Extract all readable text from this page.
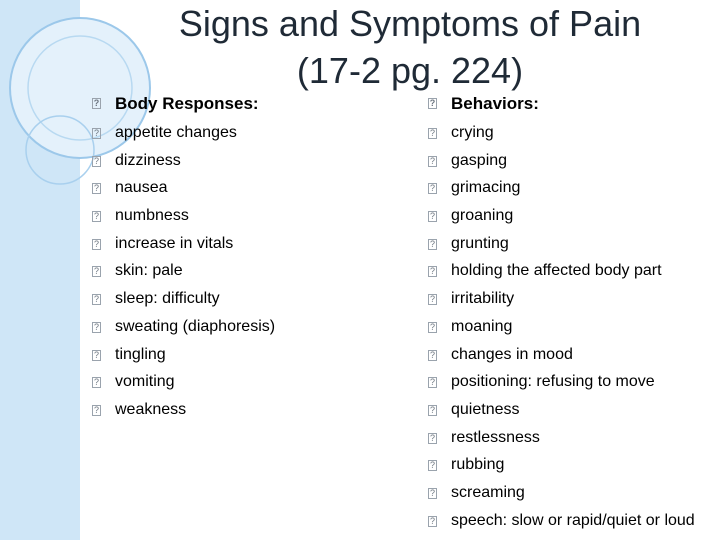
Signs and Symptoms of Pain
(17-2 pg. 224)
? Body Responses:
? appetite changes
? dizziness
? nausea
? numbness
? increase in vitals
? skin: pale
? sleep: difficulty
? sweating (diaphoresis)
? tingling
? vomiting
? weakness
? Behaviors:
? crying
? gasping
? grimacing
? groaning
? grunting
? holding the affected body part
? irritability
? moaning
? changes in mood
? positioning: refusing to move
? quietness
? restlessness
? rubbing
? screaming
? speech: slow or rapid/quiet or loud
